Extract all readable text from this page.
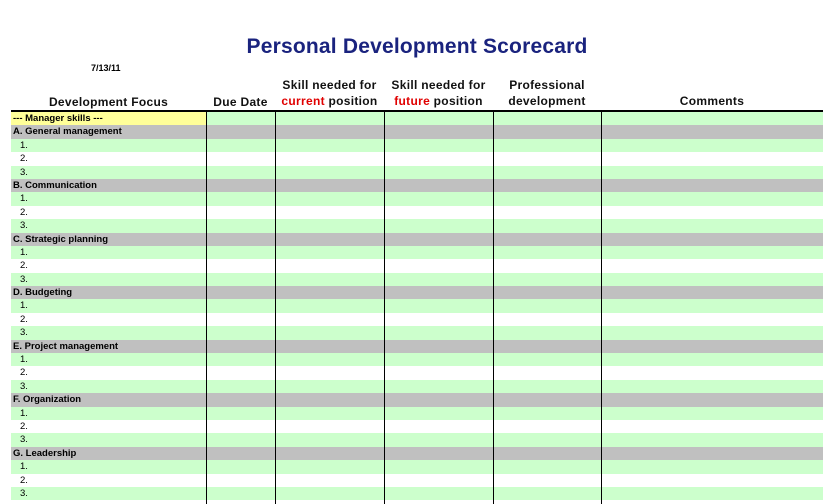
Personal Development Scorecard
7/13/11
Development Focus	Due Date
Skill needed for
current position
Skill needed for
future position
Professional
development	Comments
--- Manager skills ---
A. General management
1.
2.
3.
B. Communication
1.
2.
3.
C. Strategic planning
1.
2.
3.
D. Budgeting
1.
2.
3.
E. Project management
1.
2.
3.
F. Organization
1.
2.
3.
G. Leadership
1.
2.
3.
